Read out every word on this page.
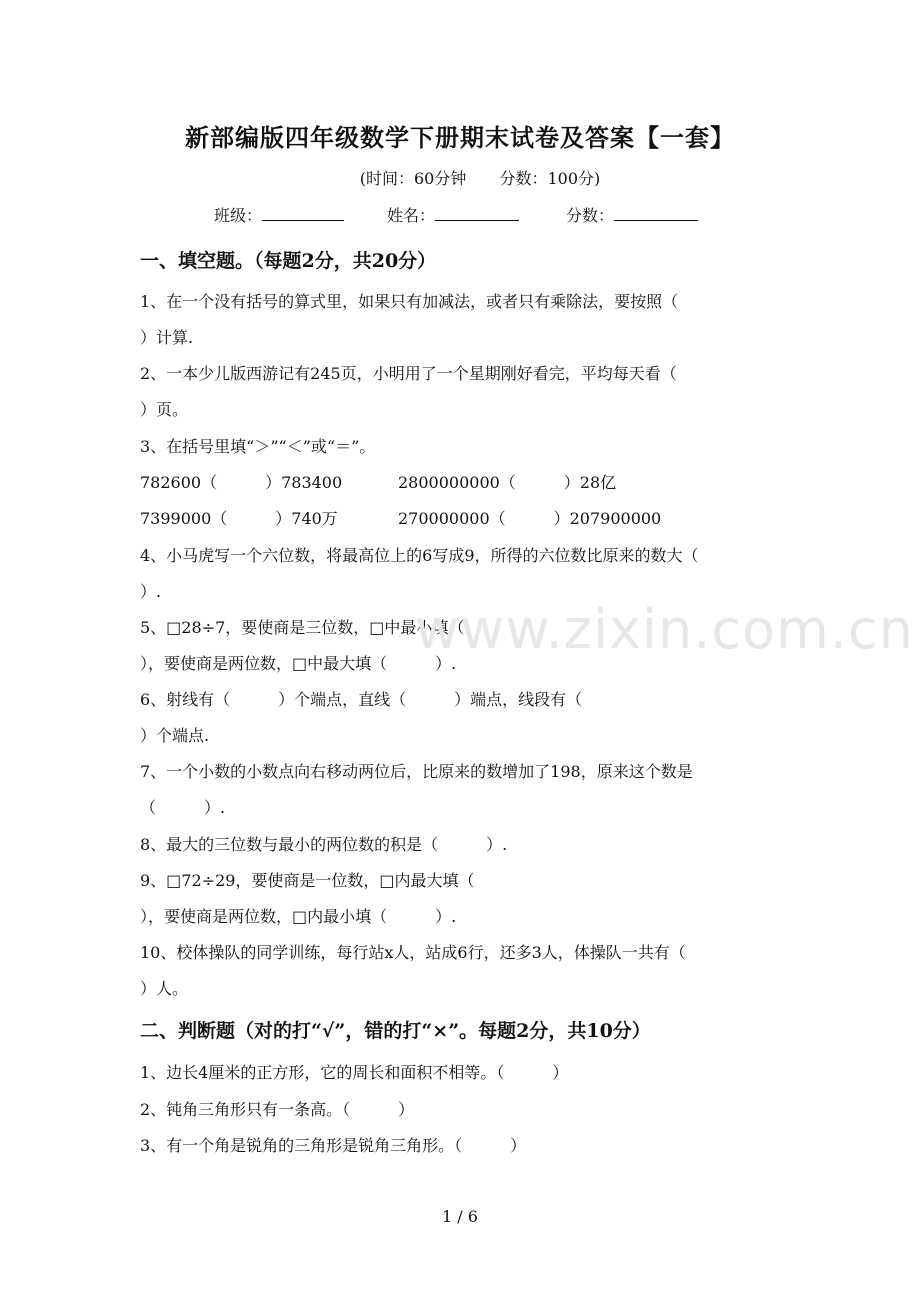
新部编版四年级数学下册期末试卷及答案【一套】
(时间：60分钟 分数：100分)
班级：	姓名：	分数：
一、填空题。（每题2分，共20分）
1、在一个没有括号的算式里，如果只有加减法，或者只有乘除法，要按照（
）计算.
2、一本少儿版西游记有245页，小明用了一个星期刚好看完，平均每天看（
）页。
3、在括号里填“＞”“＜”或“＝”。
782600（　　　）783400	2800000000（　　　）28亿
7399000（　　　）740万	270000000（　　　）207900000
4、小马虎写一个六位数，将最高位上的6写成9，所得的六位数比原来的数大（
）.
5、□28÷7，要使商是三位数，□中最小填（
），要使商是两位数，□中最大填（　　　）.
6、射线有（　　　）个端点，直线（　　　）端点，线段有（
）个端点.
7、一个小数的小数点向右移动两位后，比原来的数增加了198，原来这个数是
（　　　）.
8、最大的三位数与最小的两位数的积是（　　　）.
9、□72÷29，要使商是一位数，□内最大填（
），要使商是两位数，□内最小填（　　　）.
10、校体操队的同学训练，每行站x人，站成6行，还多3人，体操队一共有（
）人。
二、判断题（对的打“√”，错的打“×”。每题2分，共10分）
1、边长4厘米的正方形，它的周长和面积不相等。（　　　）
2、钝角三角形只有一条高。（　　　）
3、有一个角是锐角的三角形是锐角三角形。（　　　）
www.zixin.com.cn
1 / 6
